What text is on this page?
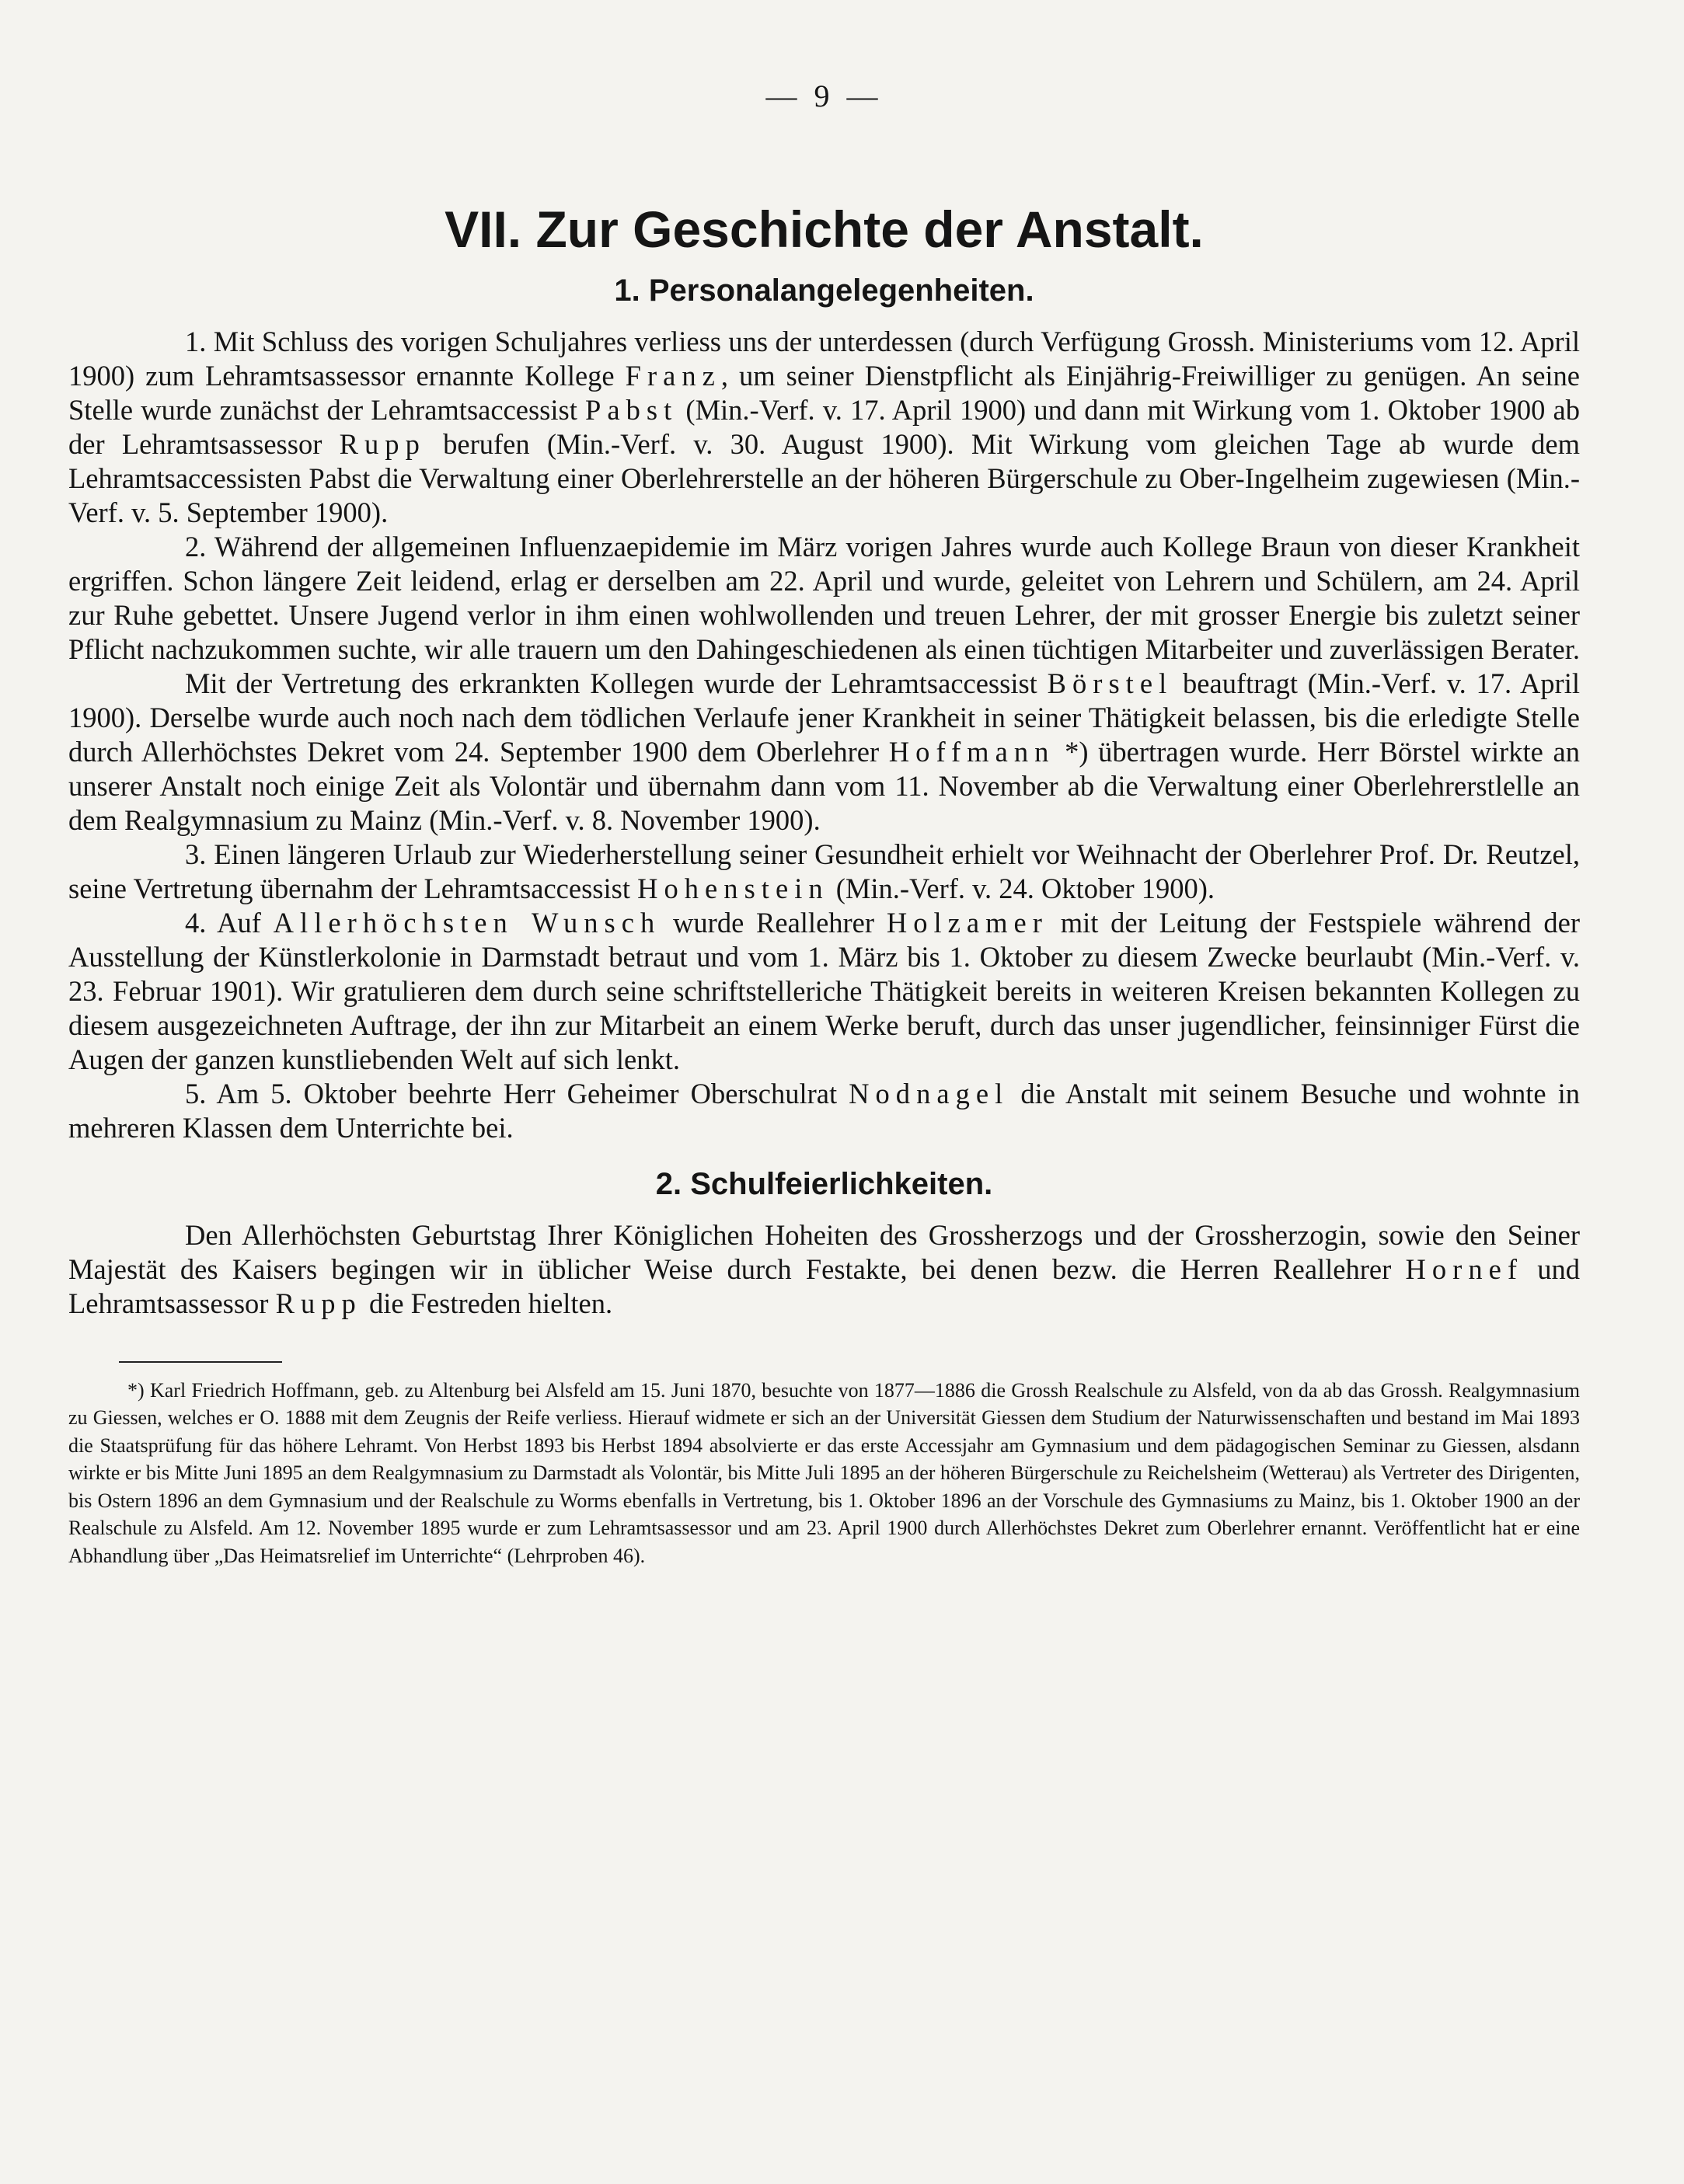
— 9 —
VII. Zur Geschichte der Anstalt.
1. Personalangelegenheiten.

1. Mit Schluss des vorigen Schuljahres verliess uns der unterdessen (durch Verfügung Grossh. Ministeriums vom 12. April 1900) zum Lehramtsassessor ernannte Kollege Franz, um seiner Dienstpflicht als Einjährig-Freiwilliger zu genügen. An seine Stelle wurde zunächst der Lehramtsaccessist Pabst (Min.-Verf. v. 17. April 1900) und dann mit Wirkung vom 1. Oktober 1900 ab der Lehramtsassessor Rupp berufen (Min.-Verf. v. 30. August 1900). Mit Wirkung vom gleichen Tage ab wurde dem Lehramtsaccessisten Pabst die Verwaltung einer Oberlehrerstelle an der höheren Bürgerschule zu Ober-Ingelheim zugewiesen (Min.-Verf. v. 5. September 1900).

2. Während der allgemeinen Influenzaepidemie im März vorigen Jahres wurde auch Kollege Braun von dieser Krankheit ergriffen. Schon längere Zeit leidend, erlag er derselben am 22. April und wurde, geleitet von Lehrern und Schülern, am 24. April zur Ruhe gebettet. Unsere Jugend verlor in ihm einen wohlwollenden und treuen Lehrer, der mit grosser Energie bis zuletzt seiner Pflicht nachzukommen suchte, wir alle trauern um den Dahingeschiedenen als einen tüchtigen Mitarbeiter und zuverlässigen Berater.

Mit der Vertretung des erkrankten Kollegen wurde der Lehramtsaccessist Börstel beauftragt (Min.-Verf. v. 17. April 1900). Derselbe wurde auch noch nach dem tödlichen Verlaufe jener Krankheit in seiner Thätigkeit belassen, bis die erledigte Stelle durch Allerhöchstes Dekret vom 24. September 1900 dem Oberlehrer Hoffmann *) übertragen wurde. Herr Börstel wirkte an unserer Anstalt noch einige Zeit als Volontär und übernahm dann vom 11. November ab die Verwaltung einer Oberlehrerstlelle an dem Realgymnasium zu Mainz (Min.-Verf. v. 8. November 1900).

3. Einen längeren Urlaub zur Wiederherstellung seiner Gesundheit erhielt vor Weihnacht der Oberlehrer Prof. Dr. Reutzel, seine Vertretung übernahm der Lehramtsaccessist Hohenstein (Min.-Verf. v. 24. Oktober 1900).

4. Auf Allerhöchsten Wunsch wurde Reallehrer Holzamer mit der Leitung der Festspiele während der Ausstellung der Künstlerkolonie in Darmstadt betraut und vom 1. März bis 1. Oktober zu diesem Zwecke beurlaubt (Min.-Verf. v. 23. Februar 1901). Wir gratulieren dem durch seine schriftstelleriche Thätigkeit bereits in weiteren Kreisen bekannten Kollegen zu diesem ausgezeichneten Auftrage, der ihn zur Mitarbeit an einem Werke beruft, durch das unser jugendlicher, feinsinniger Fürst die Augen der ganzen kunstliebenden Welt auf sich lenkt.

5. Am 5. Oktober beehrte Herr Geheimer Oberschulrat Nodnagel die Anstalt mit seinem Besuche und wohnte in mehreren Klassen dem Unterrichte bei.

2. Schulfeierlichkeiten.

Den Allerhöchsten Geburtstag Ihrer Königlichen Hoheiten des Grossherzogs und der Grossherzogin, sowie den Seiner Majestät des Kaisers begingen wir in üblicher Weise durch Festakte, bei denen bezw. die Herren Reallehrer Hornef und Lehramtsassessor Rupp die Festreden hielten.

*) Karl Friedrich Hoffmann, geb. zu Altenburg bei Alsfeld am 15. Juni 1870, besuchte von 1877—1886 die Grossh Realschule zu Alsfeld, von da ab das Grossh. Realgymnasium zu Giessen, welches er O. 1888 mit dem Zeugnis der Reife verliess. Hierauf widmete er sich an der Universität Giessen dem Studium der Naturwissenschaften und bestand im Mai 1893 die Staatsprüfung für das höhere Lehramt. Von Herbst 1893 bis Herbst 1894 absolvierte er das erste Accessjahr am Gymnasium und dem pädagogischen Seminar zu Giessen, alsdann wirkte er bis Mitte Juni 1895 an dem Realgymnasium zu Darmstadt als Volontär, bis Mitte Juli 1895 an der höheren Bürgerschule zu Reichelsheim (Wetterau) als Vertreter des Dirigenten, bis Ostern 1896 an dem Gymnasium und der Realschule zu Worms ebenfalls in Vertretung, bis 1. Oktober 1896 an der Vorschule des Gymnasiums zu Mainz, bis 1. Oktober 1900 an der Realschule zu Alsfeld. Am 12. November 1895 wurde er zum Lehramtsassessor und am 23. April 1900 durch Allerhöchstes Dekret zum Oberlehrer ernannt. Veröffentlicht hat er eine Abhandlung über „Das Heimatsrelief im Unterrichte“ (Lehrproben 46).
